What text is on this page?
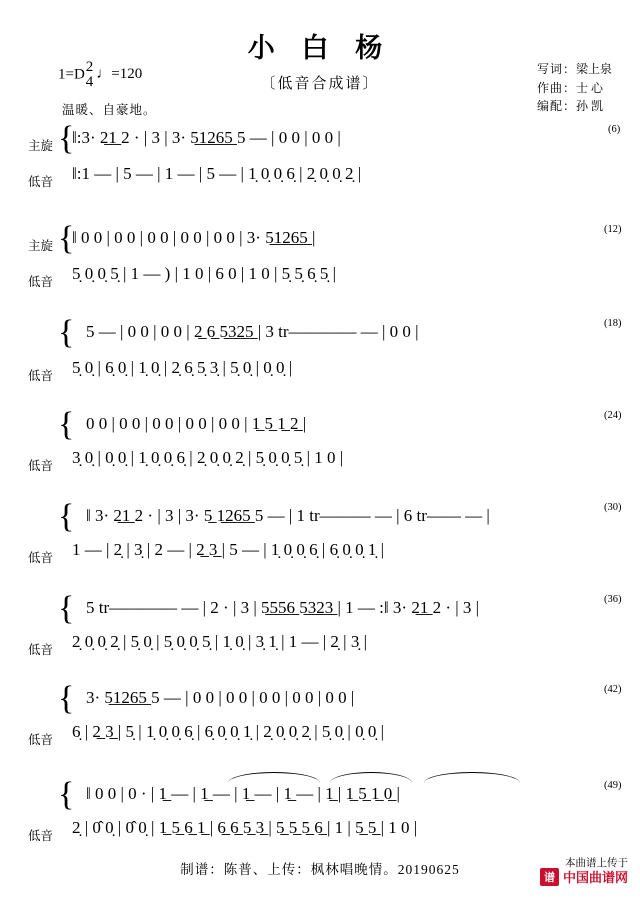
小 白 杨
1=D 2
4 ♩=120
〔低音合成谱〕
写词：梁上泉
作曲：士 心
编配：孙 凯
温暖、自豪地。
{
主旋 ‖:3· 2̲1̲ 2 · | 3 | 3· 5̲1̲2̲6̲5̲ 5 — | 0 0 | 0 0 |
低音 ‖:1 — | 5 — | 1 — | 5 — | 1̣ 0̣ 0̣ 6̣ | 2̣ 0̣ 0̣ 2̣ |
(6)
{
主旋 ‖ 0 0 | 0 0 | 0 0 | 0 0 | 0 0 | 3· 5̲1̲2̲6̲5̲ |
低音 5̣ 0̣ 0̣ 5̣ | 1 — ) | 1 0 | 6 0 | 1 0 | 5̣ 5̣ 6̣ 5̣ |
(12)
{ 5 — | 0 0 | 0 0 | 2̲ 6̲ 5̲3̲2̲5̲ | 3 tr———— — | 0 0 |
低音 5̣ 0̣ | 6̣ 0̣ | 1̣ 0̣ | 2̣ 6̣ 5̣ 3̣ | 5̣ 0̣ | 0̣ 0̣ |
(18)
{ 0 0 | 0 0 | 0 0 | 0 0 | 0 0 | 1̲ 5̲ 1̲ 2̲ |
低音 3̣ 0̣ | 0̣ 0̣ | 1̣ 0̣ 0̣ 6̣ | 2̣ 0̣ 0̣ 2̣ | 5̣ 0̣ 0̣ 5̣ | 1 0 |
(24)
{ ‖ 3· 2̲1̲ 2 · | 3 | 3· 5̲ 1̲2̲6̲5̲ 5 — | 1 tr——— — | 6 tr—— — |
低音 1 — | 2̣ | 3̣ | 2 — | 2̲ 3̲ | 5 — | 1̣ 0̣ 0̣ 6̣ | 6̣ 0̣ 0̣ 1̣ |
(30)
{ 5 tr———— — | 2 · | 3 | 5̲5̲5̲6̲ 5̲3̲2̲3̲ | 1 — :‖ 3· 2̲1̲ 2 · | 3 |
低音 2̣ 0̣ 0̣ 2̣ | 5̣ 0̣ | 5̣ 0̣ 0̣ 5̣ | 1̣ 0̣ | 3̣ 1̣ | 1 — | 2̣ | 3̣ |
(36)
{ 3· 5̲1̲2̲6̲5̲ 5 — | 0 0 | 0 0 | 0 0 | 0 0 | 0 0 |
低音 6̣ | 2̲ 3̲ | 5̣ | 1̣ 0̣ 0̣ 6̣ | 6̣ 0̣ 0̣ 1̣ | 2̣ 0̣ 0̣ 2̣ | 5̣ 0̣ | 0̣ 0̣ |
(42)
{ ‖ 0 0 | 0 · | 1̲ — | 1̲ — | 1̲ — | 1̲ — | 1̲ | 1̲ 5̲ 1̲ 0̲ |
低音 2̣ | 0̂ 0̣ | 0̂ 0̣ | 1̲ 5̲ 6̲ 1̲ | 6̲ 6̲ 5̲ 3̲ | 5̲ 5̲ 5̲ 6̲ | 1 | 5̲ 5̲ | 1 0 |
(49)
制谱：陈普、上传：枫林唱晚情。20190625	本曲谱上传于
谱 中国曲谱网
